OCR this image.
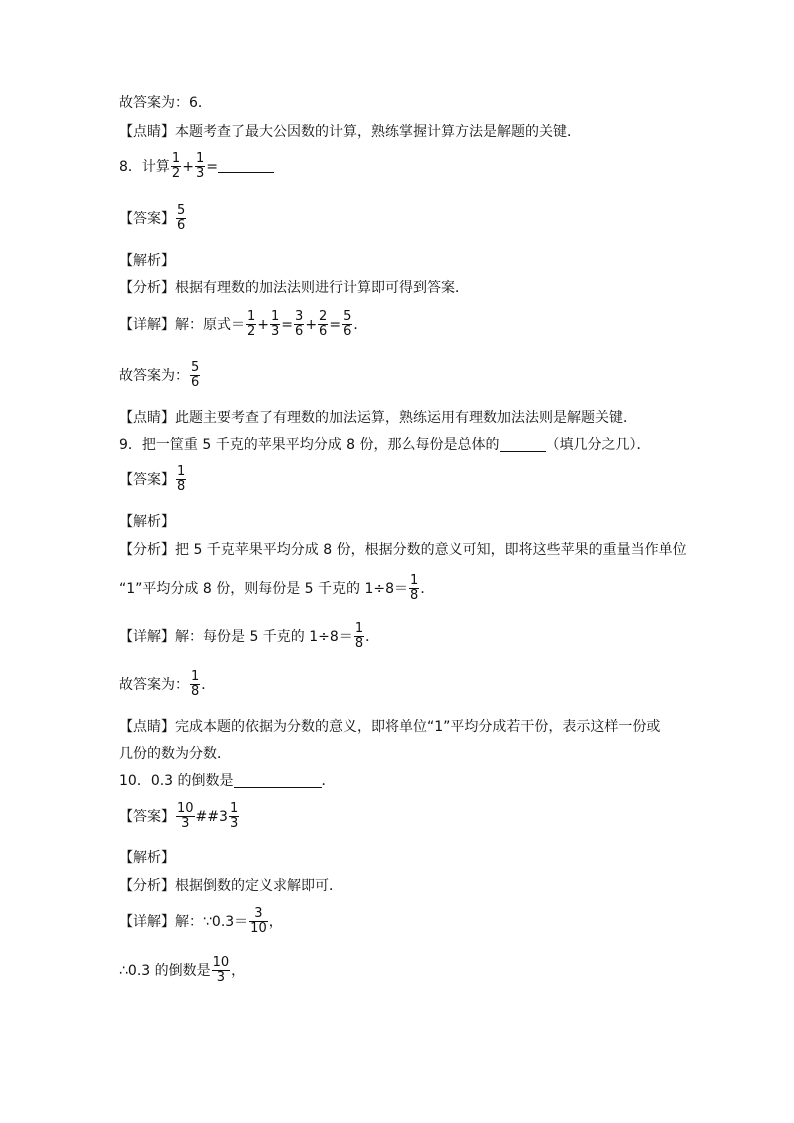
故答案为：6．
【点睛】本题考查了最大公因数的计算，熟练掌握计算方法是解题的关键．
8．计算 $\frac{1}{2} + \frac{1}{3}$ =
【答案】 $\frac{5}{6}$
【解析】
【分析】根据有理数的加法法则进行计算即可得到答案．
【详解】解：原式＝ $\frac{1}{2} + \frac{1}{3} = \frac{3}{6} + \frac{2}{6} = \frac{5}{6}$ ．
故答案为： $\frac{5}{6}$
【点睛】此题主要考查了有理数的加法运算，熟练运用有理数加法法则是解题关键．
9．把一筐重 5 千克的苹果平均分成 8 份，那么每份是总体的	（填几分之几）．
【答案】 $\frac{1}{8}$
【解析】
【分析】把 5 千克苹果平均分成 8 份，根据分数的意义可知，即将这些苹果的重量当作单位
“1”平均分成 8 份，则每份是 5 千克的 $1\div 8= \frac{1}{8}$ ．
【详解】解：每份是 5 千克的 $1\div 8= \frac{1}{8}$ ．
故答案为： $\frac{1}{8}$ ．
【点睛】完成本题的依据为分数的意义，即将单位“1”平均分成若干份，表示这样一份或
几份的数为分数．
10．0.3 的倒数是	．
【答案】 $\frac{10}{3}$ ## $3 \frac{1}{3}$
【解析】
【分析】根据倒数的定义求解即可．
【详解】解：∵0.3＝ $\frac{3}{10}$ ，
∴0.3 的倒数是 $\frac{10}{3}$ ，
